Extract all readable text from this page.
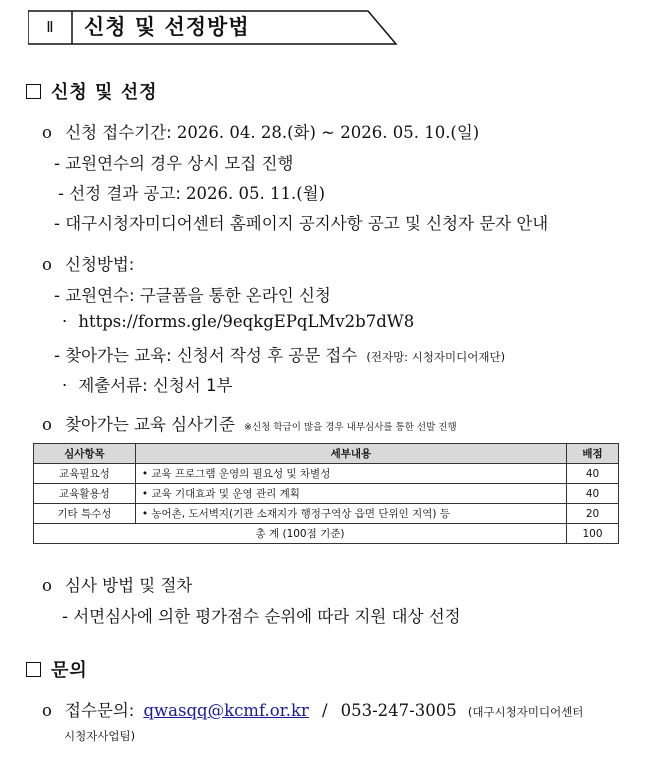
Ⅱ	신청 및 선정방법
신청 및 선정
o 신청 접수기간: 2026. 04. 28.(화) ~ 2026. 05. 10.(일)
- 교원연수의 경우 상시 모집 진행
- 선정 결과 공고: 2026. 05. 11.(월)
- 대구시청자미디어센터 홈페이지 공지사항 공고 및 신청자 문자 안내
o 신청방법:
- 교원연수: 구글폼을 통한 온라인 신청
· https://forms.gle/9eqkgEPqLMv2b7dW8
- 찾아가는 교육: 신청서 작성 후 공문 접수 (전자망: 시청자미디어재단)
· 제출서류: 신청서 1부
o 찾아가는 교육 심사기준 ※신청 학급이 많을 경우 내부심사를 통한 선발 진행
심사항목	세부내용	배점
교육필요성	• 교육 프로그램 운영의 필요성 및 차별성	40
교육활용성	• 교육 기대효과 및 운영 관리 계획	40
기타 특수성	• 농어촌, 도서벽지(기관 소재지가 행정구역상 읍면 단위인 지역) 등	20
총 계 (100점 기준)		100
o 심사 방법 및 절차
- 서면심사에 의한 평가점수 순위에 따라 지원 대상 선정
문의
o 접수문의: qwasqq@kcmf.or.kr / 053-247-3005 (대구시청자미디어센터
시청자사업팀)
